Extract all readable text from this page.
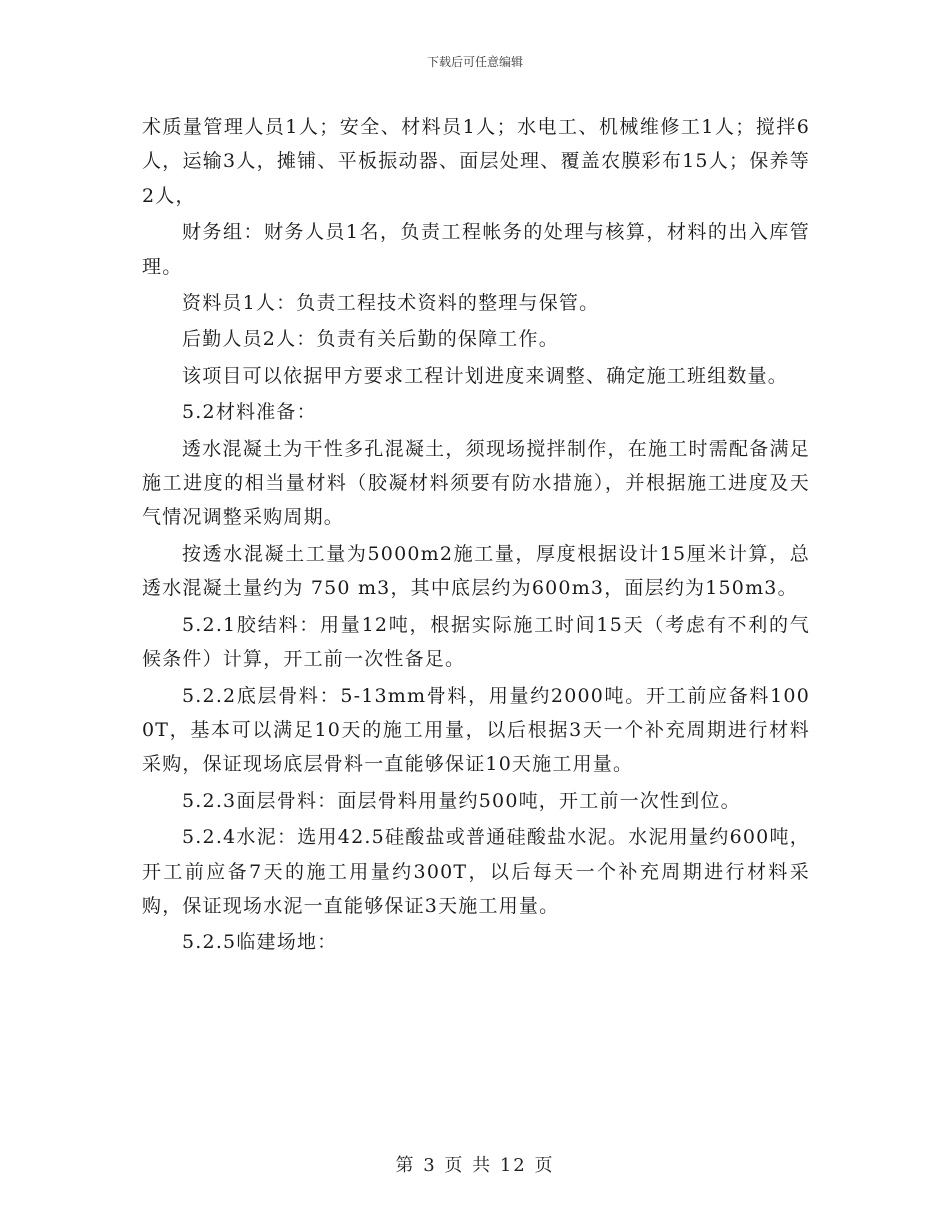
下载后可任意编辑

术质量管理人员1人；安全、材料员1人；水电工、机械维修工1人；搅拌6人，运输3人，摊铺、平板振动器、面层处理、覆盖农膜彩布15人；保养等2人，

财务组：财务人员1名，负责工程帐务的处理与核算，材料的出入库管理。

资料员1人：负责工程技术资料的整理与保管。

后勤人员2人：负责有关后勤的保障工作。

该项目可以依据甲方要求工程计划进度来调整、确定施工班组数量。

5.2材料准备：

透水混凝土为干性多孔混凝土，须现场搅拌制作，在施工时需配备满足施工进度的相当量材料（胶凝材料须要有防水措施），并根据施工进度及天气情况调整采购周期。

按透水混凝土工量为5000m2施工量，厚度根据设计15厘米计算，总透水混凝土量约为 750 m3，其中底层约为600m3，面层约为150m3。

5.2.1胶结料：用量12吨，根据实际施工时间15天（考虑有不利的气候条件）计算，开工前一次性备足。

5.2.2底层骨料：5-13mm骨料，用量约2000吨。开工前应备料1000T，基本可以满足10天的施工用量，以后根据3天一个补充周期进行材料采购，保证现场底层骨料一直能够保证10天施工用量。

5.2.3面层骨料：面层骨料用量约500吨，开工前一次性到位。

5.2.4水泥：选用42.5硅酸盐或普通硅酸盐水泥。水泥用量约600吨，开工前应备7天的施工用量约300T，以后每天一个补充周期进行材料采购，保证现场水泥一直能够保证3天施工用量。

5.2.5临建场地：

第 3 页 共 12 页
